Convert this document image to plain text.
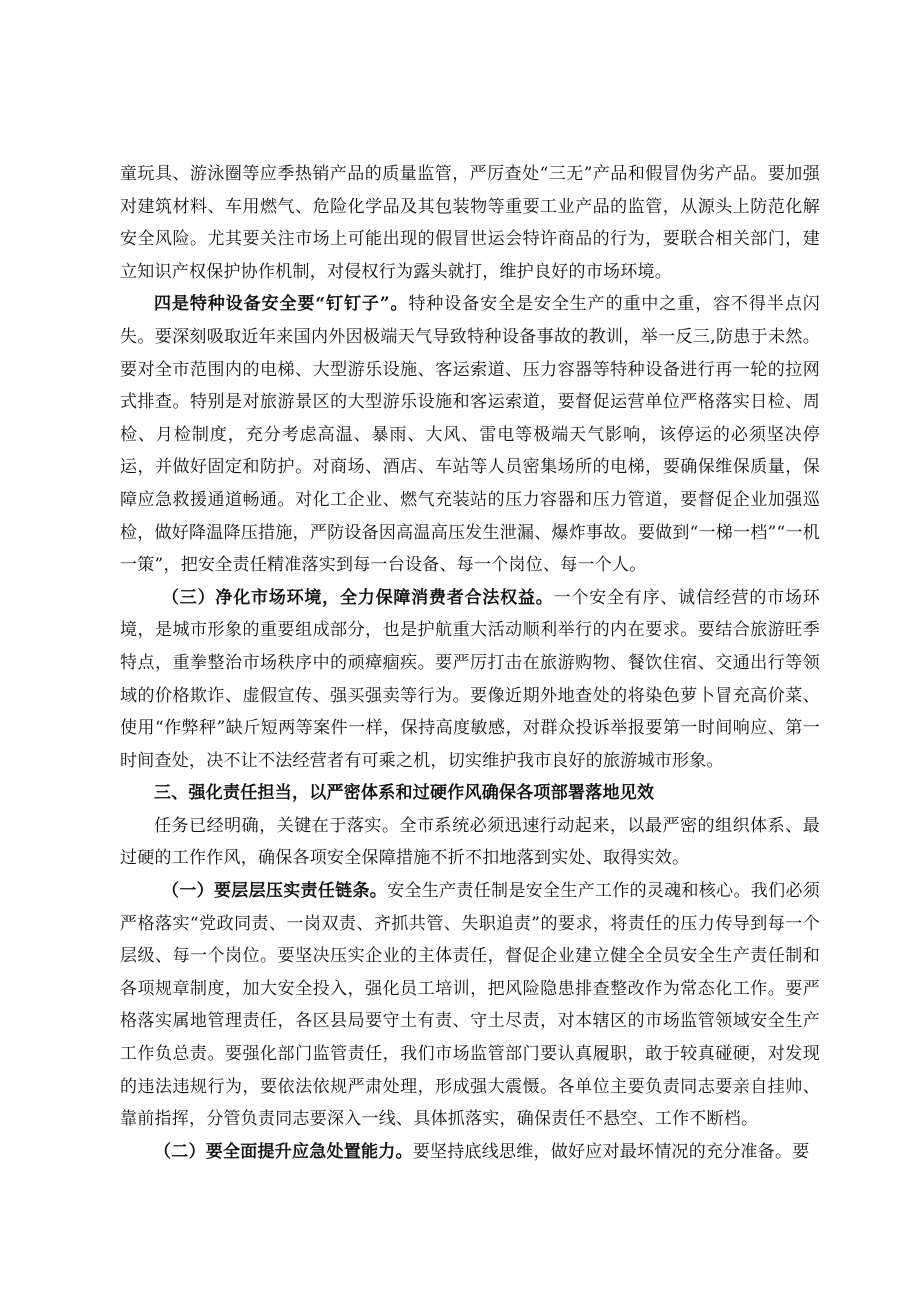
童玩具、游泳圈等应季热销产品的质量监管，严厉查处“三无”产品和假冒伪劣产品。要加强对建筑材料、车用燃气、危险化学品及其包装物等重要工业产品的监管，从源头上防范化解安全风险。尤其要关注市场上可能出现的假冒世运会特许商品的行为，要联合相关部门，建立知识产权保护协作机制，对侵权行为露头就打，维护良好的市场环境。

四是特种设备安全要“钉钉子”。特种设备安全是安全生产的重中之重，容不得半点闪失。要深刻吸取近年来国内外因极端天气导致特种设备事故的教训，举一反三,防患于未然。要对全市范围内的电梯、大型游乐设施、客运索道、压力容器等特种设备进行再一轮的拉网式排查。特别是对旅游景区的大型游乐设施和客运索道，要督促运营单位严格落实日检、周检、月检制度，充分考虑高温、暴雨、大风、雷电等极端天气影响，该停运的必须坚决停运，并做好固定和防护。对商场、酒店、车站等人员密集场所的电梯，要确保维保质量，保障应急救援通道畅通。对化工企业、燃气充装站的压力容器和压力管道，要督促企业加强巡检，做好降温降压措施，严防设备因高温高压发生泄漏、爆炸事故。要做到“一梯一档”“一机一策”，把安全责任精准落实到每一台设备、每一个岗位、每一个人。

（三）净化市场环境，全力保障消费者合法权益。一个安全有序、诚信经营的市场环境，是城市形象的重要组成部分，也是护航重大活动顺利举行的内在要求。要结合旅游旺季特点，重拳整治市场秩序中的顽瘴痼疾。要严厉打击在旅游购物、餐饮住宿、交通出行等领域的价格欺诈、虚假宣传、强买强卖等行为。要像近期外地查处的将染色萝卜冒充高价菜、使用“作弊秤”缺斤短两等案件一样，保持高度敏感，对群众投诉举报要第一时间响应、第一时间查处，决不让不法经营者有可乘之机，切实维护我市良好的旅游城市形象。

三、强化责任担当，以严密体系和过硬作风确保各项部署落地见效

任务已经明确，关键在于落实。全市系统必须迅速行动起来，以最严密的组织体系、最过硬的工作作风，确保各项安全保障措施不折不扣地落到实处、取得实效。

（一）要层层压实责任链条。安全生产责任制是安全生产工作的灵魂和核心。我们必须严格落实“党政同责、一岗双责、齐抓共管、失职追责”的要求，将责任的压力传导到每一个层级、每一个岗位。要坚决压实企业的主体责任，督促企业建立健全全员安全生产责任制和各项规章制度，加大安全投入，强化员工培训，把风险隐患排查整改作为常态化工作。要严格落实属地管理责任，各区县局要守土有责、守土尽责，对本辖区的市场监管领域安全生产工作负总责。要强化部门监管责任，我们市场监管部门要认真履职，敢于较真碰硬，对发现的违法违规行为，要依法依规严肃处理，形成强大震慑。各单位主要负责同志要亲自挂帅、靠前指挥，分管负责同志要深入一线、具体抓落实，确保责任不悬空、工作不断档。

（二）要全面提升应急处置能力。要坚持底线思维，做好应对最坏情况的充分准备。要
